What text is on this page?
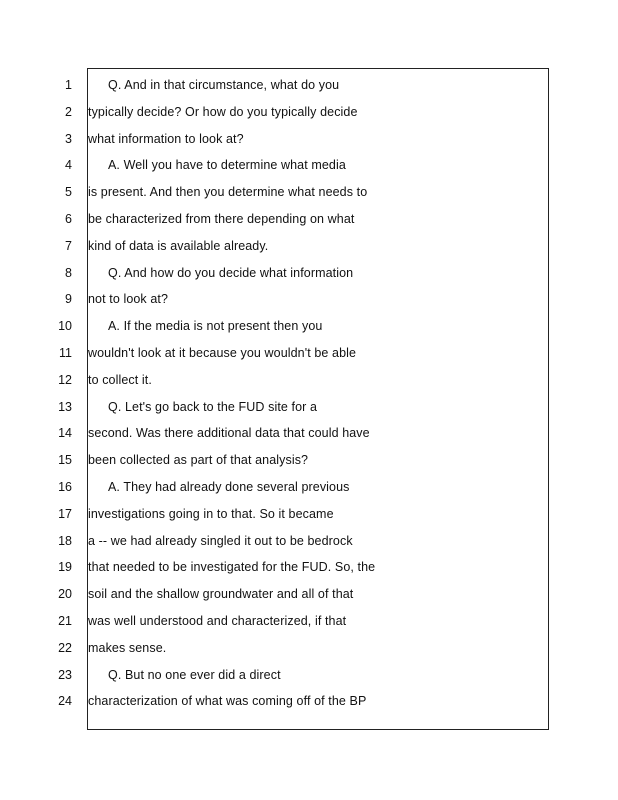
1	Q. And in that circumstance, what do you
2 typically decide? Or how do you typically decide
3 what information to look at?
4	A. Well you have to determine what media
5 is present. And then you determine what needs to
6 be characterized from there depending on what
7 kind of data is available already.
8	Q. And how do you decide what information
9 not to look at?
10	A. If the media is not present then you
11 wouldn't look at it because you wouldn't be able
12 to collect it.
13	Q. Let's go back to the FUD site for a
14 second. Was there additional data that could have
15 been collected as part of that analysis?
16	A. They had already done several previous
17 investigations going in to that. So it became
18 a -- we had already singled it out to be bedrock
19 that needed to be investigated for the FUD. So, the
20 soil and the shallow groundwater and all of that
21 was well understood and characterized, if that
22 makes sense.
23	Q. But no one ever did a direct
24 characterization of what was coming off of the BP
